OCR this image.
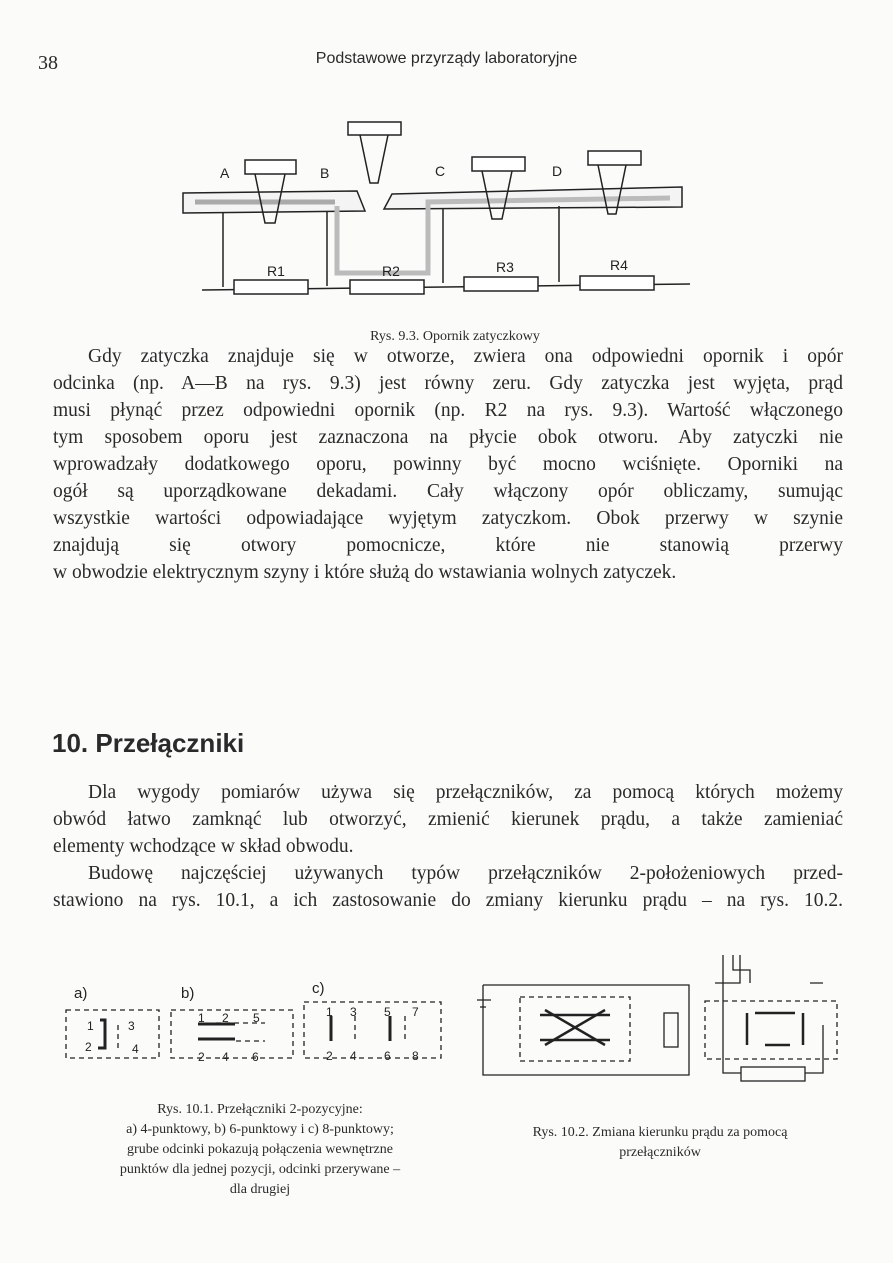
38	Podstawowe przyrządy laboratoryjne
A	B	C	D
R1	R2	R3	R4
Rys. 9.3. Opornik zatyczkowy
Gdy zatyczka znajduje się w otworze, zwiera ona odpowiedni opornik i opór
odcinka (np. A—B na rys. 9.3) jest równy zeru. Gdy zatyczka jest wyjęta, prąd
musi płynąć przez odpowiedni opornik (np. R2 na rys. 9.3). Wartość włączonego
tym sposobem oporu jest zaznaczona na płycie obok otworu. Aby zatyczki nie
wprowadzały dodatkowego oporu, powinny być mocno wciśnięte. Oporniki na
ogół są uporządkowane dekadami. Cały włączony opór obliczamy, sumując
wszystkie wartości odpowiadające wyjętym zatyczkom. Obok przerwy w szynie
znajdują się otwory pomocnicze, które nie stanowią przerwy
w obwodzie elektrycznym szyny i które służą do wstawiania wolnych zatyczek.
10. Przełączniki
Dla wygody pomiarów używa się przełączników, za pomocą których możemy
obwód łatwo zamknąć lub otworzyć, zmienić kierunek prądu, a także zamieniać
elementy wchodzące w skład obwodu.
Budowę najczęściej używanych typów przełączników 2-położeniowych przed-
stawiono na rys. 10.1, a ich zastosowanie do zmiany kierunku prądu – na rys. 10.2.
a)	b)	c)
1
2
3
4
1 2 5
2 4 6
1 3 5 7
2 4 6 8
Rys. 10.1. Przełączniki 2-pozycyjne:
a) 4-punktowy, b) 6-punktowy i c) 8-punktowy;
grube odcinki pokazują połączenia wewnętrzne
punktów dla jednej pozycji, odcinki przerywane –
dla drugiej
Rys. 10.2. Zmiana kierunku prądu za pomocą
przełączników
